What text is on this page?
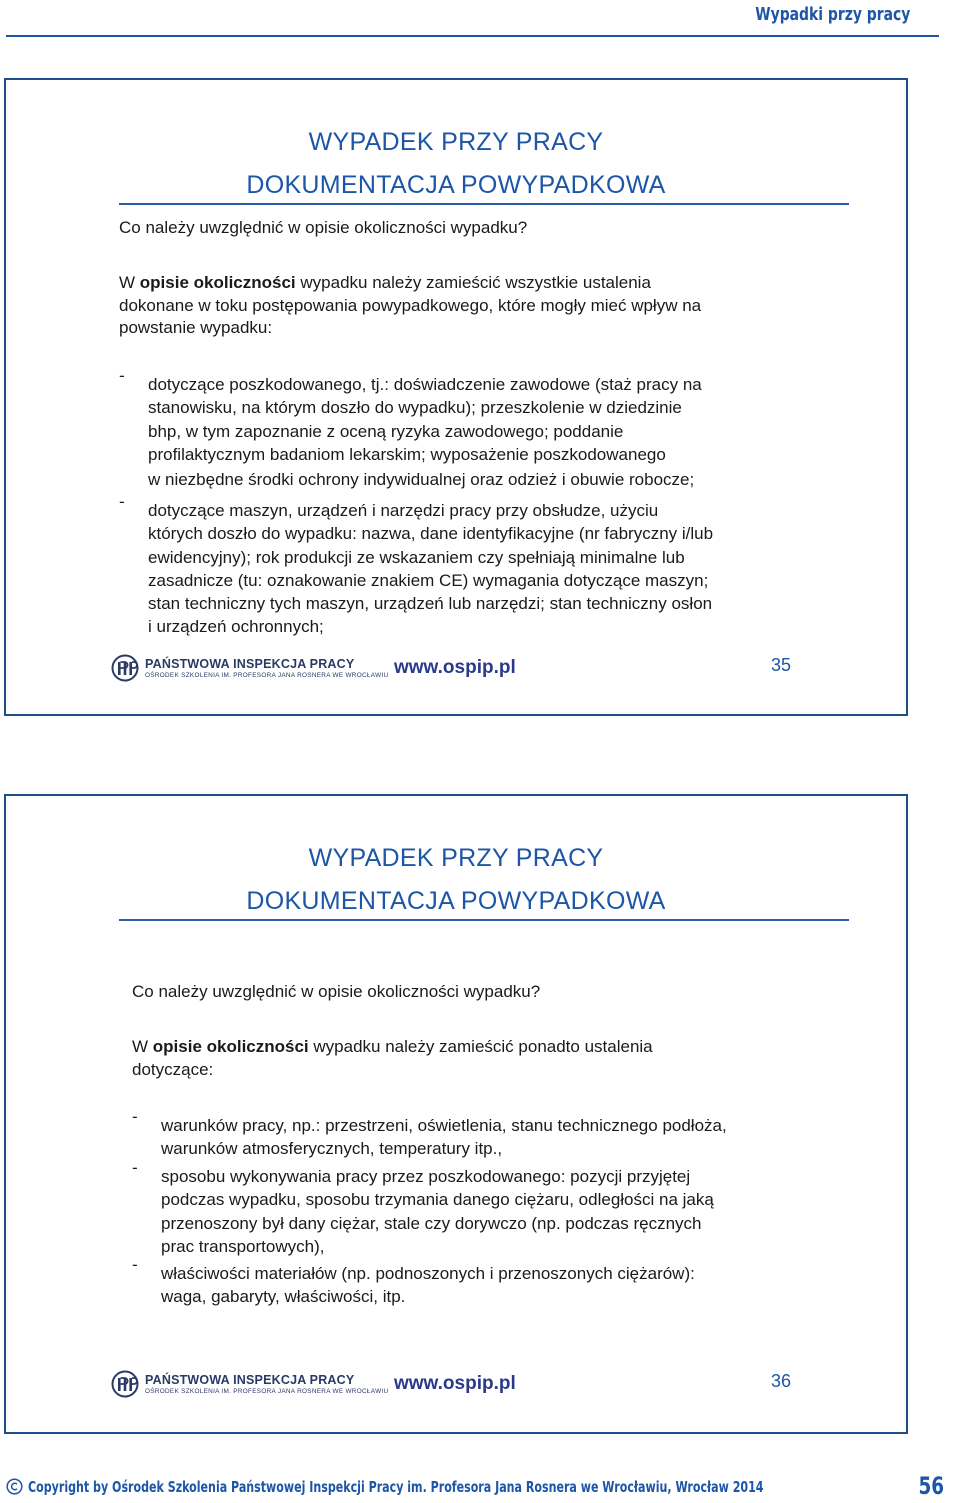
Wypadki przy pracy
WYPADEK PRZY PRACY
DOKUMENTACJA POWYPADKOWA
Co należy uwzględnić w opisie okoliczności wypadku?
W opisie okoliczności wypadku należy zamieścić wszystkie ustalenia
dokonane w toku postępowania powypadkowego, które mogły mieć wpływ na
powstanie wypadku:
- dotyczące poszkodowanego, tj.: doświadczenie zawodowe (staż pracy na
stanowisku, na którym doszło do wypadku); przeszkolenie w dziedzinie
bhp, w tym zapoznanie z oceną ryzyka zawodowego; poddanie
profilaktycznym badaniom lekarskim; wyposażenie poszkodowanego
w niezbędne środki ochrony indywidualnej oraz odzież i obuwie robocze;
- dotyczące maszyn, urządzeń i narzędzi pracy przy obsłudze, użyciu
których doszło do wypadku: nazwa, dane identyfikacyjne (nr fabryczny i/lub
ewidencyjny); rok produkcji ze wskazaniem czy spełniają minimalne lub
zasadnicze (tu: oznakowanie znakiem CE) wymagania dotyczące maszyn;
stan techniczny tych maszyn, urządzeń lub narzędzi; stan techniczny osłon
i urządzeń ochronnych;
PAŃSTWOWA INSPEKCJA PRACY
OŚRODEK SZKOLENIA IM. PROFESORA JANA ROSNERA WE WROCŁAWIU www.ospip.pl	35
WYPADEK PRZY PRACY
DOKUMENTACJA POWYPADKOWA
Co należy uwzględnić w opisie okoliczności wypadku?
W opisie okoliczności wypadku należy zamieścić ponadto ustalenia
dotyczące:
- warunków pracy, np.: przestrzeni, oświetlenia, stanu technicznego podłoża,
warunków atmosferycznych, temperatury itp.,
- sposobu wykonywania pracy przez poszkodowanego: pozycji przyjętej
podczas wypadku, sposobu trzymania danego ciężaru, odległości na jaką
przenoszony był dany ciężar, stale czy dorywczo (np. podczas ręcznych
prac transportowych),
- właściwości materiałów (np. podnoszonych i przenoszonych ciężarów):
waga, gabaryty, właściwości, itp.
PAŃSTWOWA INSPEKCJA PRACY
OŚRODEK SZKOLENIA IM. PROFESORA JANA ROSNERA WE WROCŁAWIU www.ospip.pl	36
Copyright by Ośrodek Szkolenia Państwowej Inspekcji Pracy im. Profesora Jana Rosnera we Wrocławiu, Wrocław 2014	56
